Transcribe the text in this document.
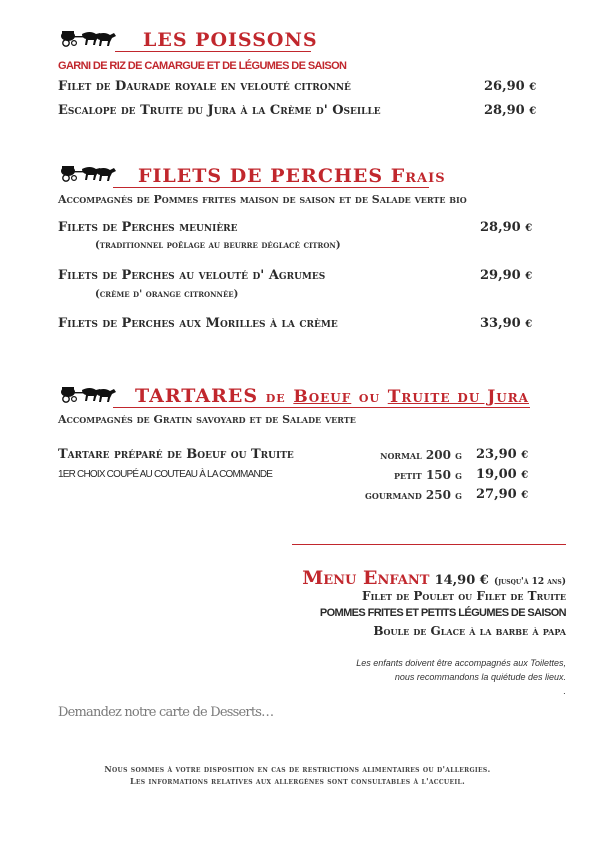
LES POISSONS
GARNI DE RIZ DE CAMARGUE ET DE LÉGUMES DE SAISON
Filet de Daurade royale en velouté citronné	26,90 €
Escalope de Truite du Jura à la Crème d' Oseille	28,90 €
FILETS DE PERCHES Frais
Accompagnés de Pommes frites maison de saison et de Salade verte bio
Filets de Perches meunière	28,90 €
(traditionnel poêlage au beurre déglacé citron)
Filets de Perches au velouté d' Agrumes	29,90 €
(crème d' orange citronnée)
Filets de Perches aux Morilles à la crème	33,90 €
TARTARES de Boeuf ou Truite du Jura
Accompagnés de Gratin savoyard et de Salade verte
Tartare préparé de Boeuf ou Truite
1ER CHOIX COUPÉ AU COUTEAU À LA COMMANDE
normal 200 g 23,90 €
petit 150 g 19,00 €
gourmand 250 g 27,90 €
Menu Enfant 14,90 € (jusqu'à 12 ans)
Filet de Poulet ou Filet de Truite
POMMES FRITES ET PETITS LÉGUMES DE SAISON
Boule de Glace à la barbe à papa
Les enfants doivent être accompagnés aux Toilettes,
nous recommandons la quiétude des lieux.
.
Demandez notre carte de Desserts…
Nous sommes à votre disposition en cas de restrictions alimentaires ou d'allergies.
Les informations relatives aux allergènes sont consultables à l'accueil.
